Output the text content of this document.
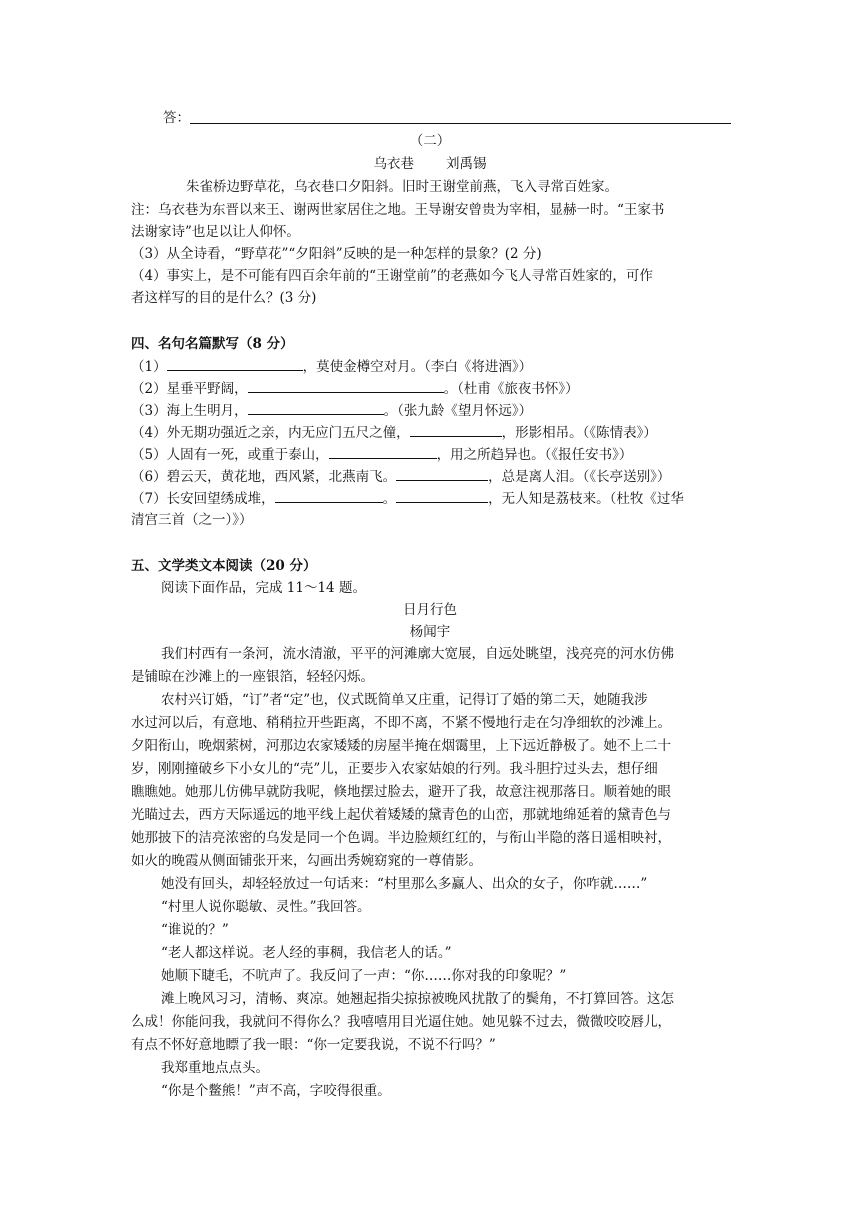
答：
（二）
乌衣巷 刘禹锡
朱雀桥边野草花，乌衣巷口夕阳斜。旧时王谢堂前燕，飞入寻常百姓家。
注：乌衣巷为东晋以来王、谢两世家居住之地。王导谢安曾贵为宰相，显赫一时。“王家书
法谢家诗”也足以让人仰怀。
（3）从全诗看，“野草花”“夕阳斜”反映的是一种怎样的景象？(2 分)
（4）事实上，是不可能有四百余年前的“王谢堂前”的老燕如今飞人寻常百姓家的，可作
者这样写的目的是什么？(3 分)
四、名句名篇默写（8 分）
（1）	，莫使金樽空对月。（李白《将进酒》）
（2）星垂平野阔，	。（杜甫《旅夜书怀》）
（3）海上生明月，	。（张九龄《望月怀远》）
（4）外无期功强近之亲，内无应门五尺之僮，	，形影相吊。（《陈情表》）
（5）人固有一死，或重于泰山，	，用之所趋异也。（《报任安书》）
（6）碧云天，黄花地，西风紧，北燕南飞。	，总是离人泪。（《长亭送别》）
（7）长安回望绣成堆，	。	，无人知是荔枝来。（杜牧《过华
清宫三首（之一）》）
五、文学类文本阅读（20 分）
阅读下面作品，完成 11～14 题。
日月行色
杨闻宇
我们村西有一条河，流水清澈，平平的河滩廓大宽展，自远处眺望，浅亮亮的河水仿佛
是铺晾在沙滩上的一座银箔，轻轻闪烁。
农村兴订婚，“订”者“定”也，仪式既简单又庄重，记得订了婚的第二天，她随我涉
水过河以后，有意地、稍稍拉开些距离，不即不离，不紧不慢地行走在匀净细软的沙滩上。
夕阳衔山，晚烟萦树，河那边农家矮矮的房屋半掩在烟霭里，上下远近静极了。她不上二十
岁，刚刚撞破乡下小女儿的“壳”儿，正要步入农家姑娘的行列。我斗胆拧过头去，想仔细
瞧瞧她。她那儿仿佛早就防我呢，倏地摆过脸去，避开了我，故意注视那落日。顺着她的眼
光瞄过去，西方天际遥远的地平线上起伏着矮矮的黛青色的山峦，那就地绵延着的黛青色与
她那披下的洁亮浓密的乌发是同一个色调。半边脸颊红红的，与衔山半隐的落日遥相映衬，
如火的晚霞从侧面铺张开来，勾画出秀婉窈窕的一尊倩影。
她没有回头，却轻轻放过一句话来：“村里那么多赢人、出众的女子，你咋就……”
“村里人说你聪敏、灵性。”我回答。
“谁说的？”
“老人都这样说。老人经的事稠，我信老人的话。”
她顺下睫毛，不吭声了。我反问了一声：“你……你对我的印象呢？”
滩上晚风习习，清畅、爽凉。她翘起指尖掠掠被晚风扰散了的鬓角，不打算回答。这怎
么成！你能问我，我就问不得你么？我嘻嘻用目光逼住她。她见躲不过去，微微咬咬唇儿，
有点不怀好意地瞟了我一眼：“你一定要我说，不说不行吗？”
我郑重地点点头。
“你是个鳖熊！”声不高，字咬得很重。
